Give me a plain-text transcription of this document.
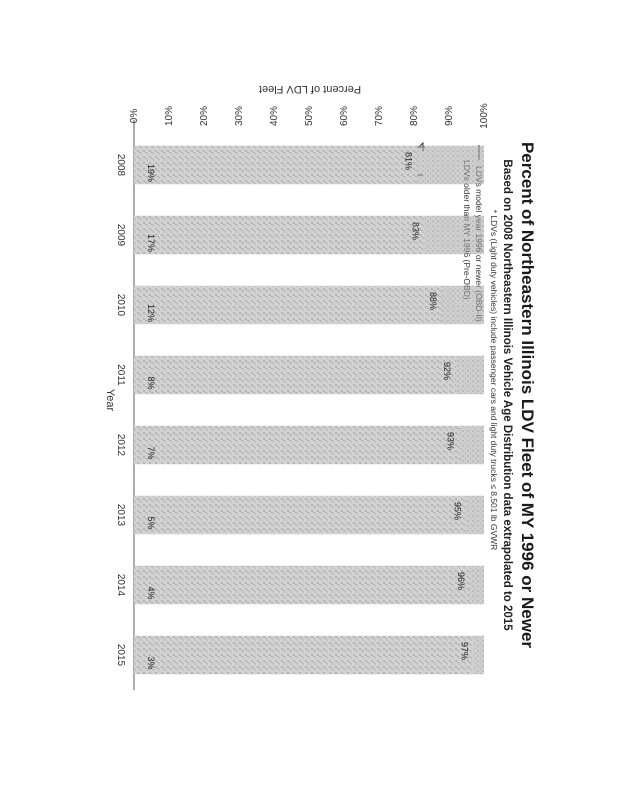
Percent of Northeastern Illinois LDV Fleet of MY 1996 or Newer
Based on 2008 Northeastern Illinois Vehicle Age Distribution data extrapolated to 2015
* LDVs (Light duty vehicles) include passenger cars and light duty trucks ≤ 8,501 lb GVWR
0% 10% 20% 30% 40% 50% 60% 70% 80% 90% 100%
2008
2009
2010
2011
2012
2013
2014
2015
81%
19%
83%
17%
88%
12%
92%
8%
93%
7%
95%
5%
96%
4%
97%
3%
Year
Percent of LDV Fleet
